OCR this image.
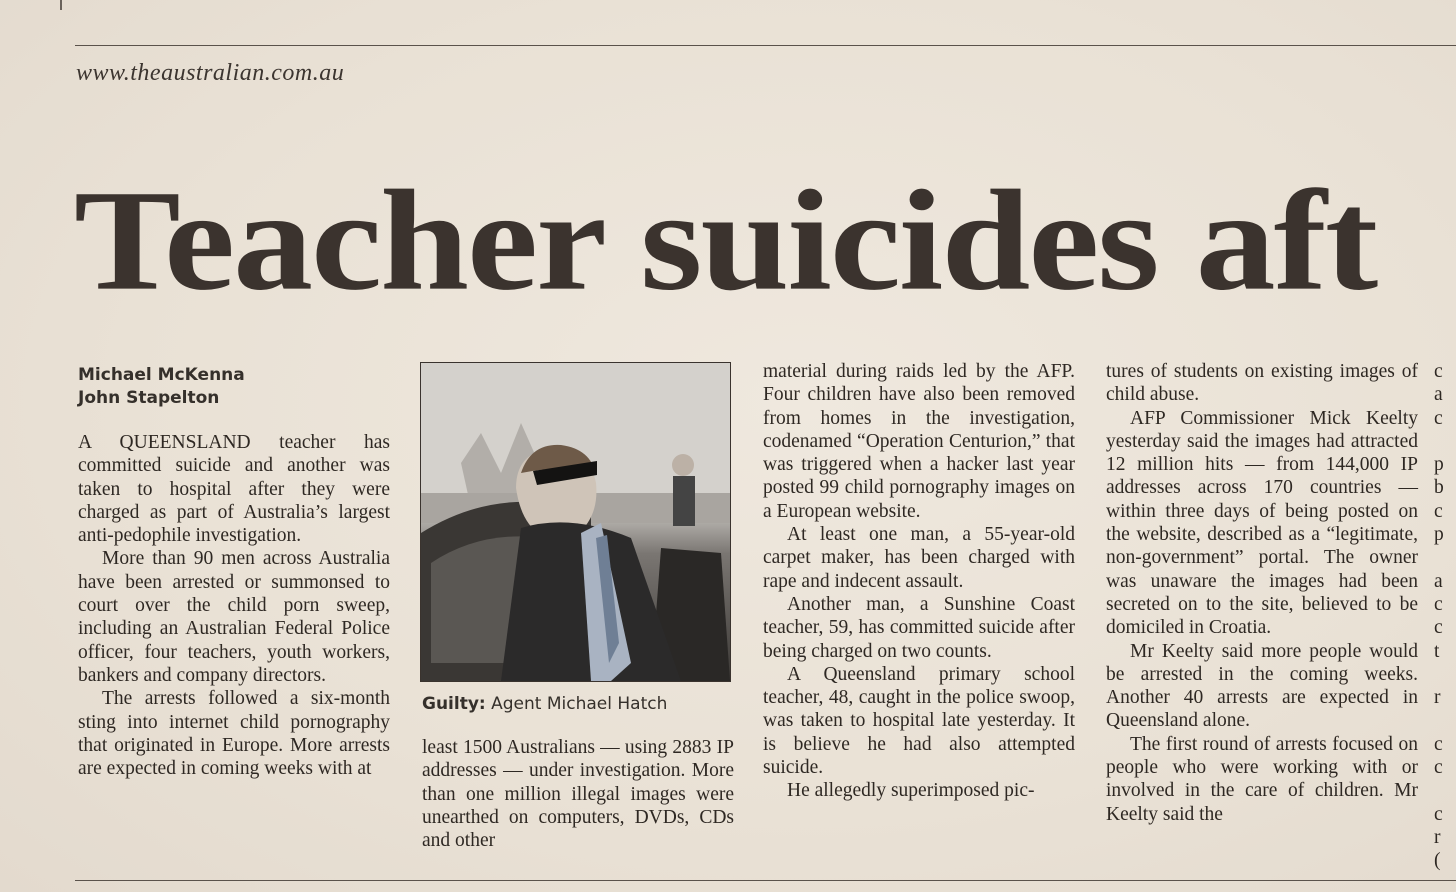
www.theaustralian.com.au
Teacher suicides aft
Michael McKenna
John Stapelton

A QUEENSLAND teacher has committed suicide and another was taken to hospital after they were charged as part of Australia’s largest anti-pedophile investigation.

More than 90 men across Australia have been arrested or summonsed to court over the child porn sweep, including an Australian Federal Police officer, four teachers, youth workers, bankers and company directors.

The arrests followed a six-month sting into internet child pornography that originated in Europe. More arrests are expected in coming weeks with at

Guilty: Agent Michael Hatch

least 1500 Australians — using 2883 IP addresses — under investigation. More than one million illegal images were unearthed on computers, DVDs, CDs and other

material during raids led by the AFP. Four children have also been removed from homes in the investigation, codenamed “Operation Centurion,” that was triggered when a hacker last year posted 99 child pornography images on a European website.

At least one man, a 55-year-old carpet maker, has been charged with rape and indecent assault.

Another man, a Sunshine Coast teacher, 59, has committed suicide after being charged on two counts.

A Queensland primary school teacher, 48, caught in the police swoop, was taken to hospital late yesterday. It is believe he had also attempted suicide.

He allegedly superimposed pic-

tures of students on existing images of child abuse.

AFP Commissioner Mick Keelty yesterday said the images had attracted 12 million hits — from 144,000 IP addresses across 170 countries — within three days of being posted on the website, described as a “legitimate, non-government” portal. The owner was unaware the images had been secreted on to the site, believed to be domiciled in Croatia.

Mr Keelty said more people would be arrested in the coming weeks. Another 40 arrests are expected in Queensland alone.

The first round of arrests focused on people who were working with or involved in the care of children. Mr Keelty said the

c
a
c
p
b
c
p
a
c
c
t
r
c
c
c
r
(
